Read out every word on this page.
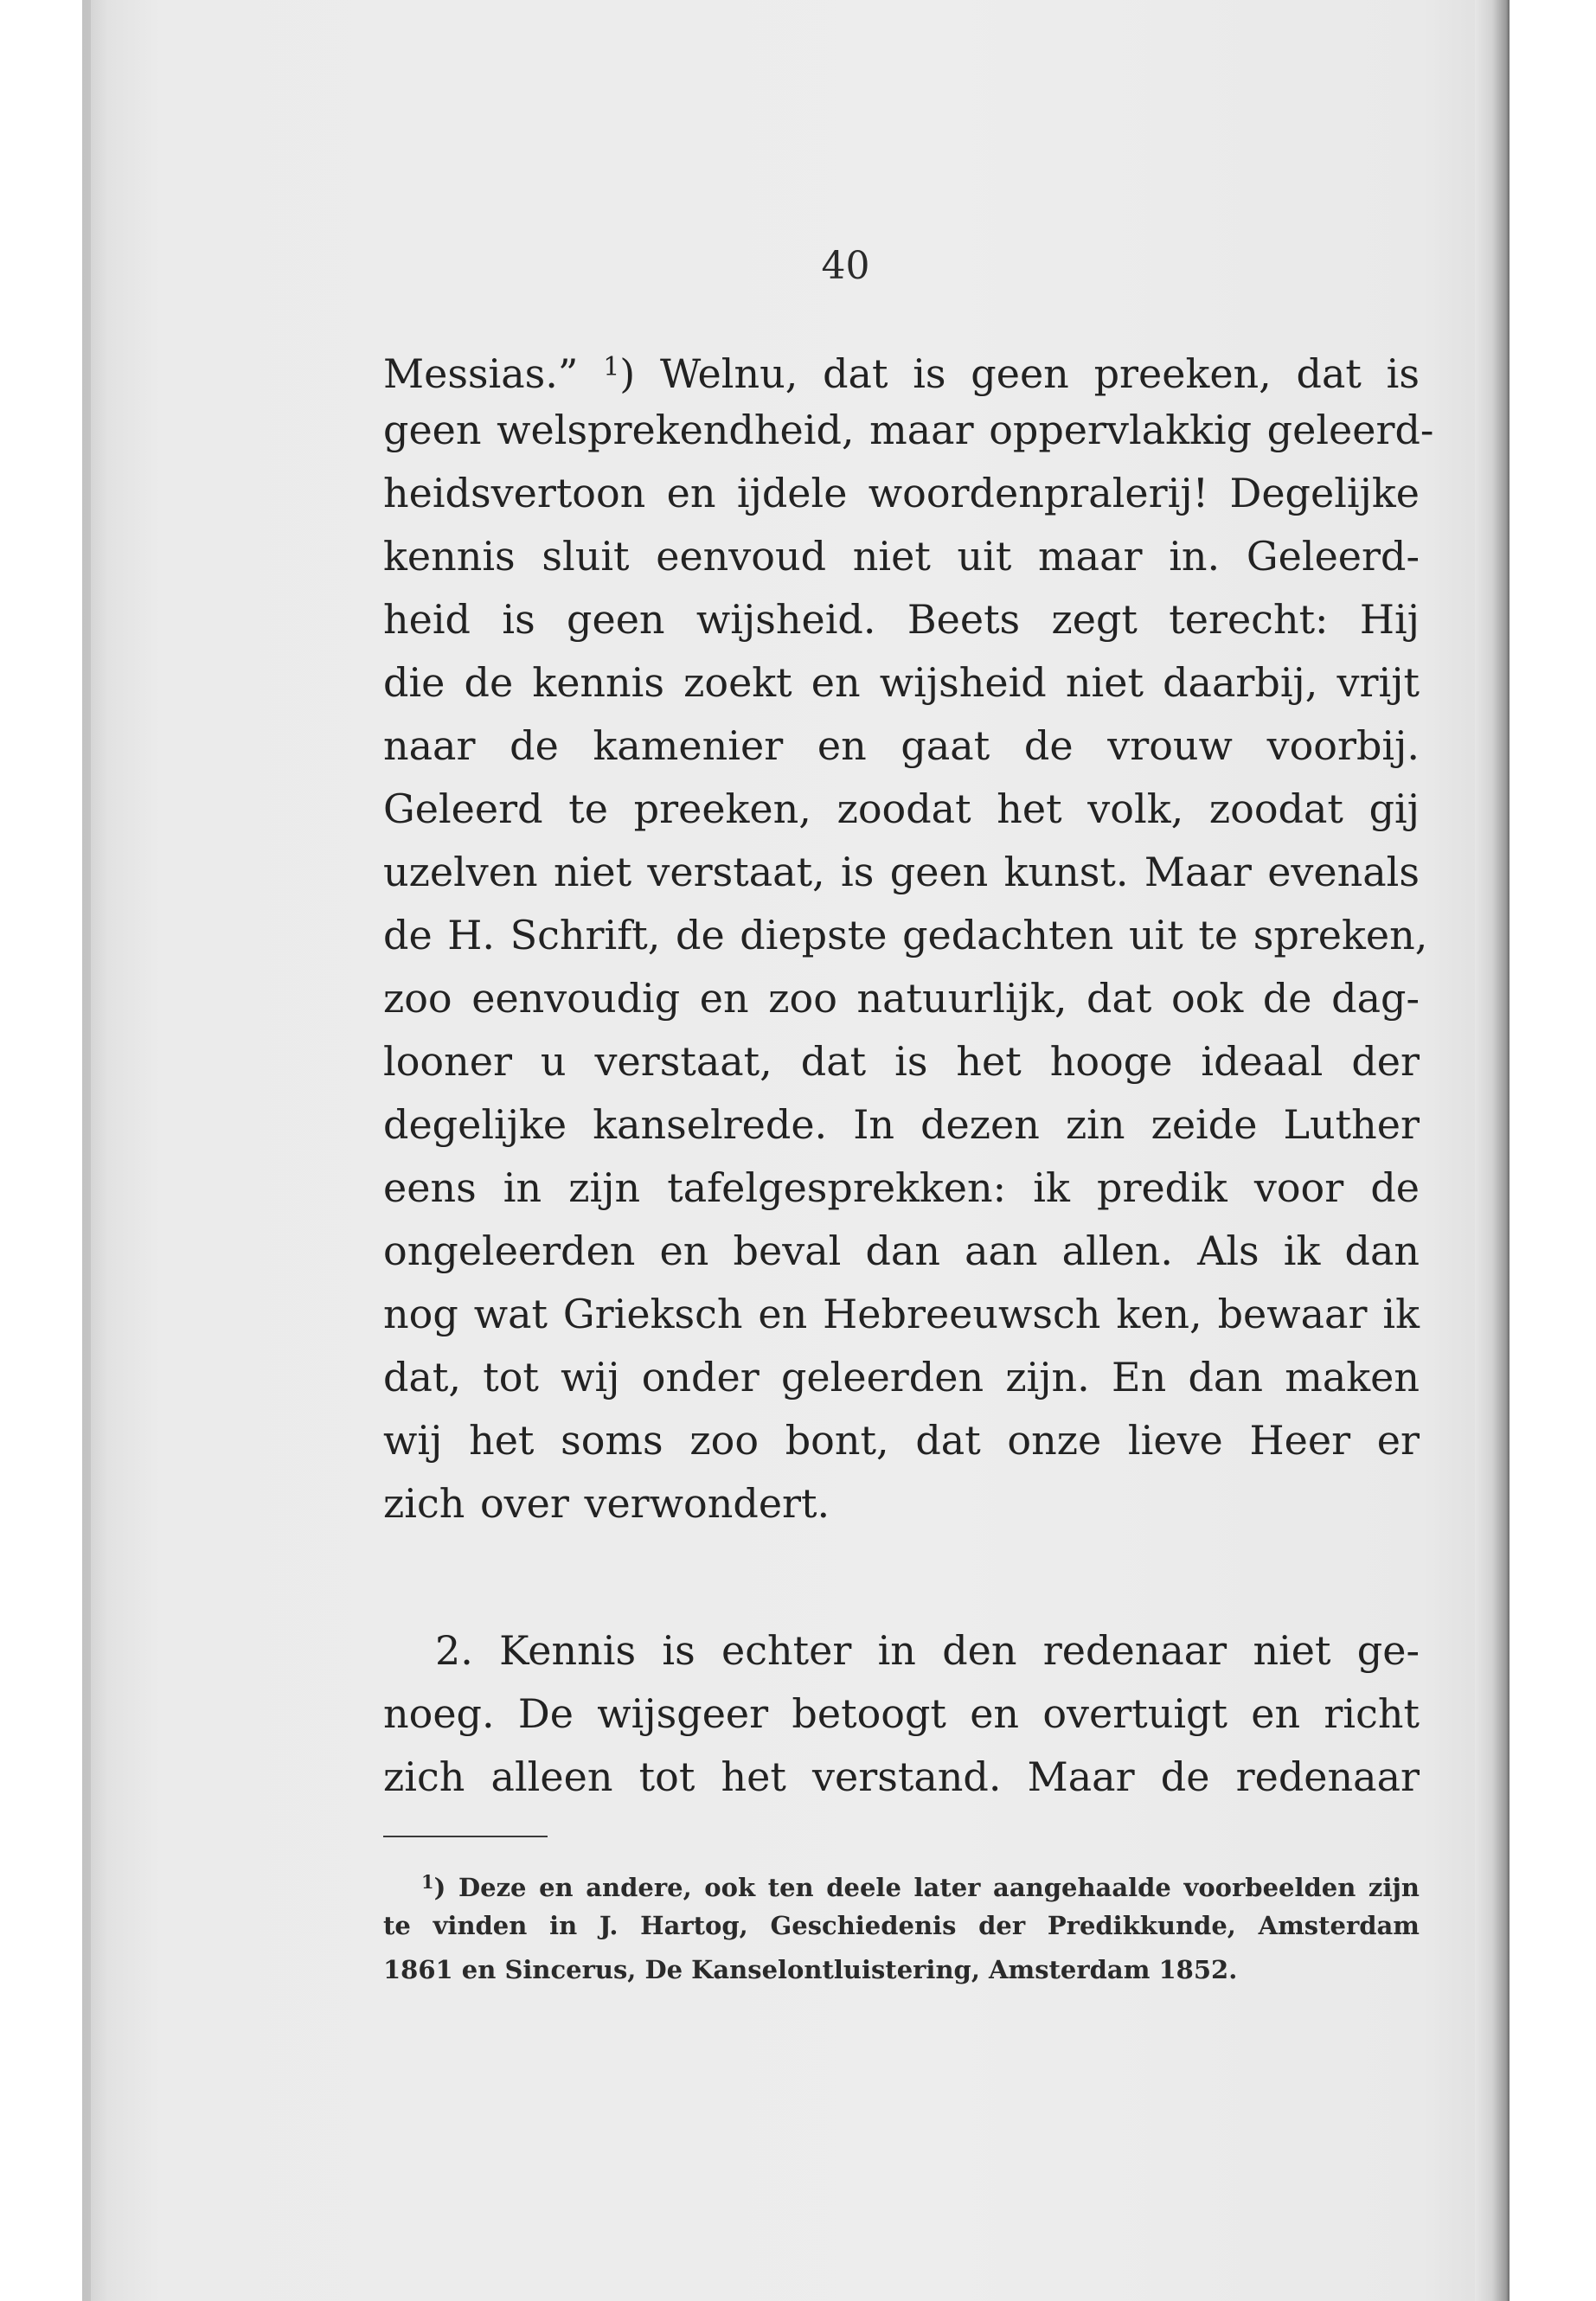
40
Messias.” $^1$) Welnu, dat is geen preeken, dat is
geen welsprekendheid, maar oppervlakkig geleerd-
heidsvertoon en ijdele woordenpralerij! Degelijke
kennis sluit eenvoud niet uit maar in. Geleerd-
heid is geen wijsheid. Beets zegt terecht: Hij
die de kennis zoekt en wijsheid niet daarbij, vrijt
naar de kamenier en gaat de vrouw voorbij.
Geleerd te preeken, zoodat het volk, zoodat gij
uzelven niet verstaat, is geen kunst. Maar evenals
de H. Schrift, de diepste gedachten uit te spreken,
zoo eenvoudig en zoo natuurlijk, dat ook de dag-
looner u verstaat, dat is het hooge ideaal der
degelijke kanselrede. In dezen zin zeide Luther
eens in zijn tafelgesprekken: ik predik voor de
ongeleerden en beval dan aan allen. Als ik dan
nog wat Grieksch en Hebreeuwsch ken, bewaar ik
dat, tot wij onder geleerden zijn. En dan maken
wij het soms zoo bont, dat onze lieve Heer er
zich over verwondert.
2. Kennis is echter in den redenaar niet ge-
noeg. De wijsgeer betoogt en overtuigt en richt
zich alleen tot het verstand. Maar de redenaar
$^1$) Deze en andere, ook ten deele later aangehaalde voorbeelden zijn
te vinden in J. Hartog, Geschiedenis der Predikkunde, Amsterdam
1861 en Sincerus, De Kanselontluistering, Amsterdam 1852.
